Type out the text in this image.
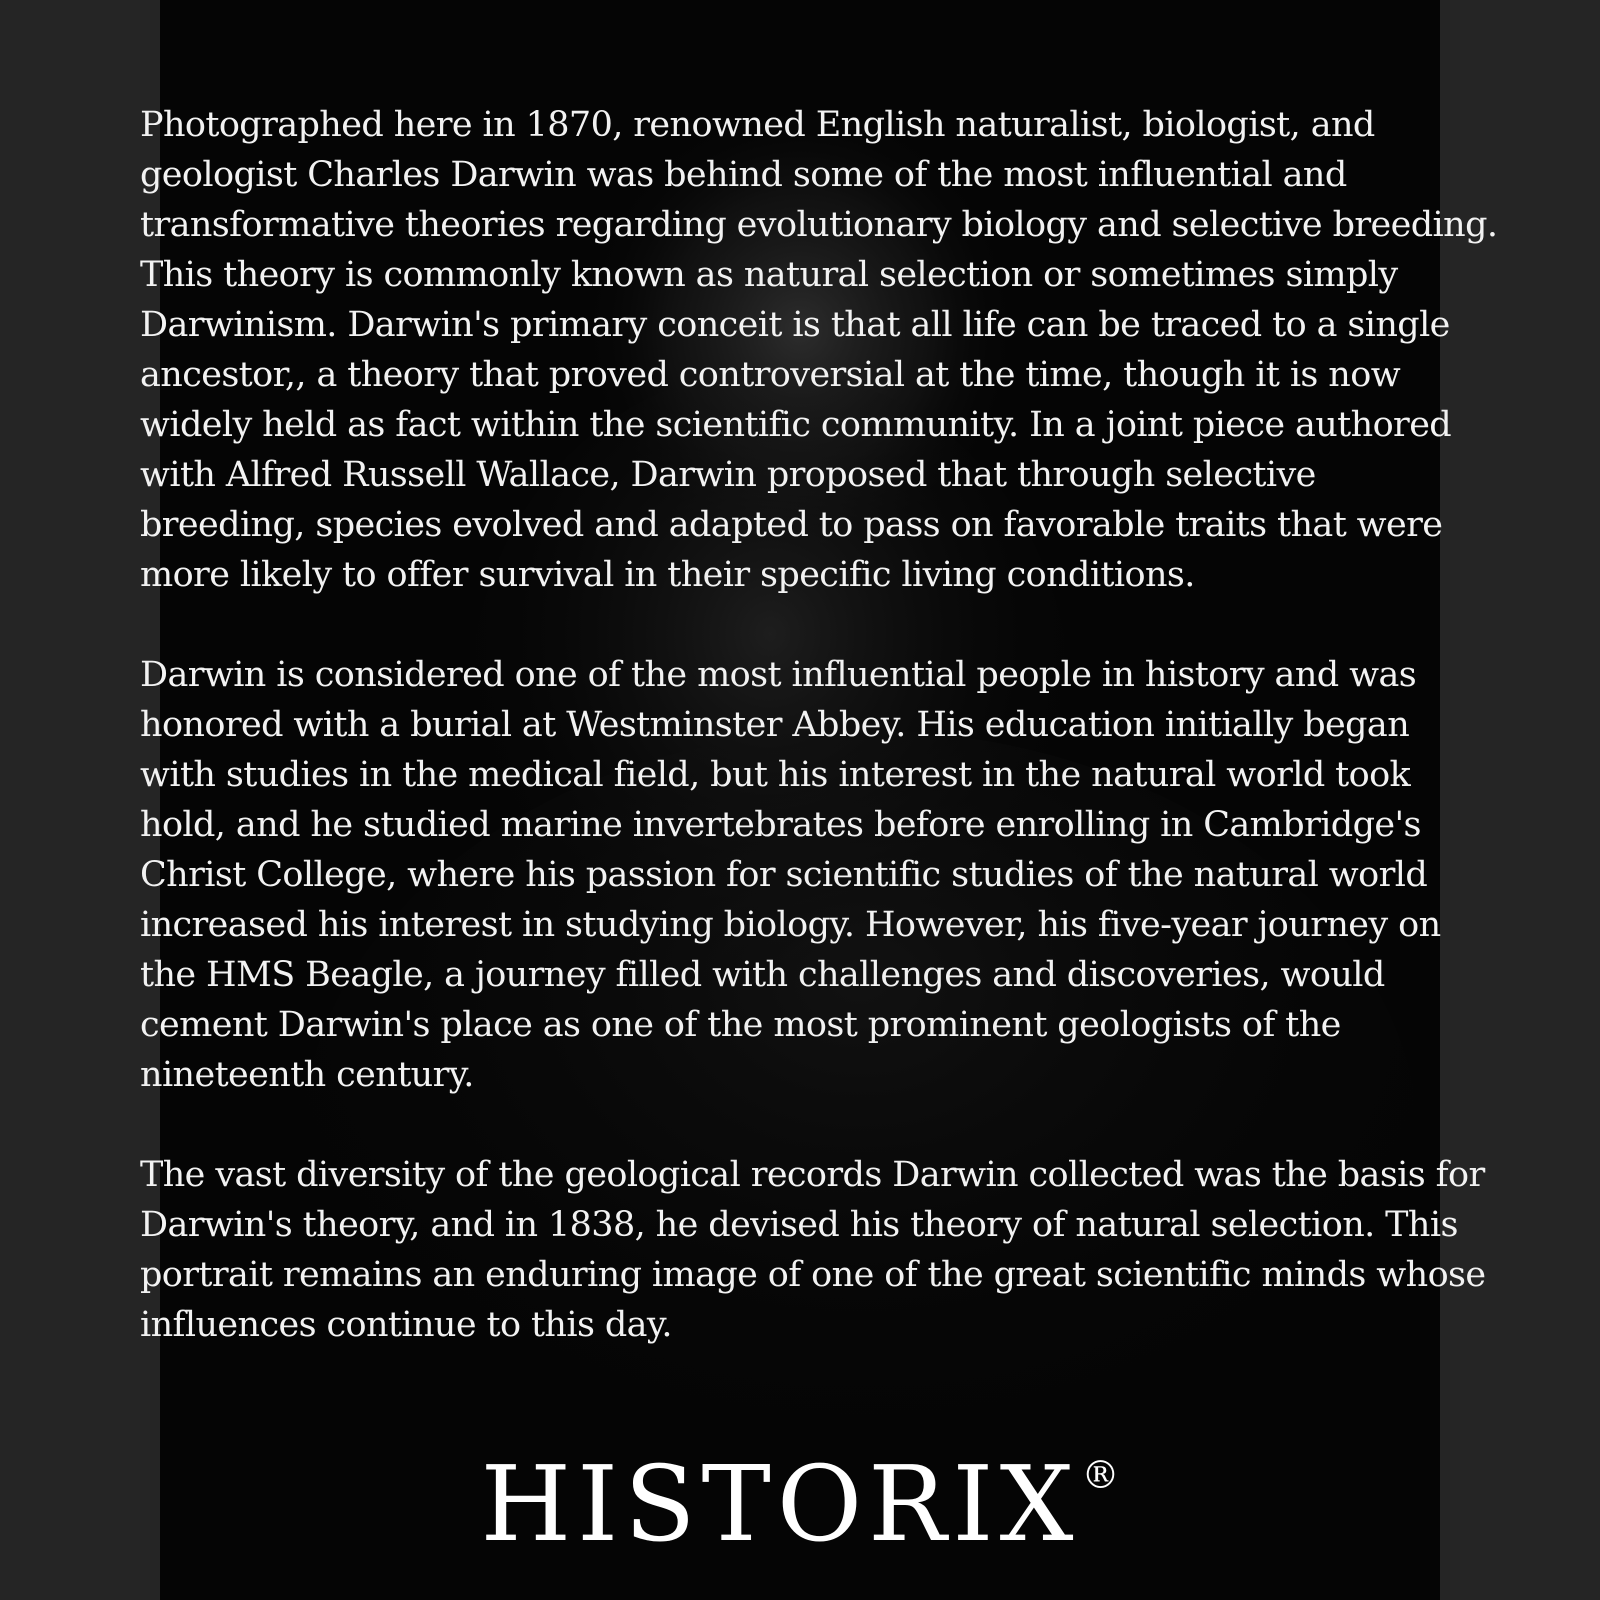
Photographed here in 1870, renowned English naturalist, biologist, and
geologist Charles Darwin was behind some of the most influential and
transformative theories regarding evolutionary biology and selective breeding.
This theory is commonly known as natural selection or sometimes simply
Darwinism. Darwin's primary conceit is that all life can be traced to a single
ancestor,, a theory that proved controversial at the time, though it is now
widely held as fact within the scientific community. In a joint piece authored
with Alfred Russell Wallace, Darwin proposed that through selective
breeding, species evolved and adapted to pass on favorable traits that were
more likely to offer survival in their specific living conditions.
Darwin is considered one of the most influential people in history and was
honored with a burial at Westminster Abbey. His education initially began
with studies in the medical field, but his interest in the natural world took
hold, and he studied marine invertebrates before enrolling in Cambridge's
Christ College, where his passion for scientific studies of the natural world
increased his interest in studying biology. However, his five-year journey on
the HMS Beagle, a journey filled with challenges and discoveries, would
cement Darwin's place as one of the most prominent geologists of the
nineteenth century.
The vast diversity of the geological records Darwin collected was the basis for
Darwin's theory, and in 1838, he devised his theory of natural selection. This
portrait remains an enduring image of one of the great scientific minds whose
influences continue to this day.
HISTORIX®
